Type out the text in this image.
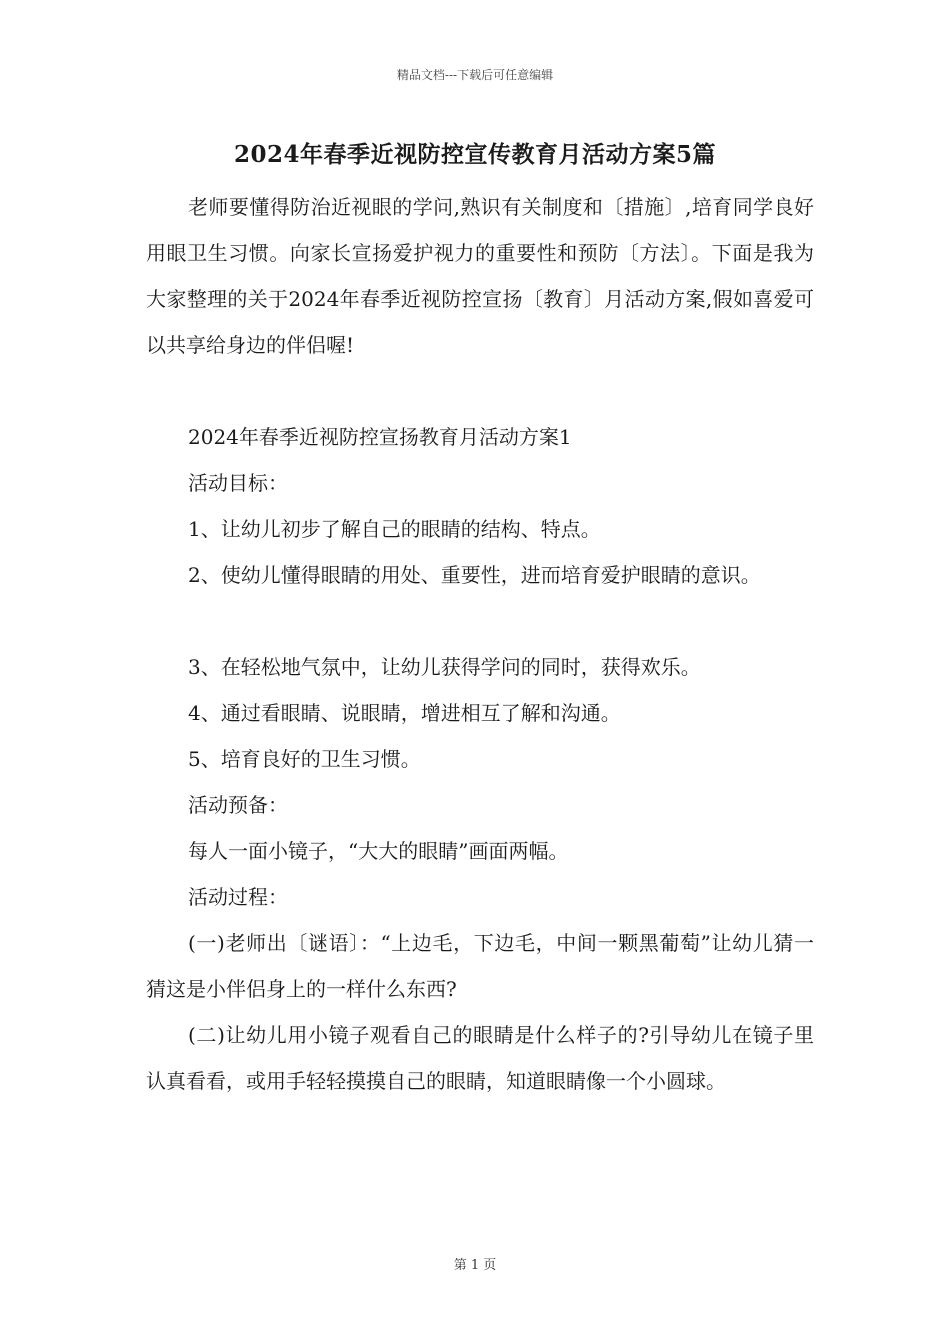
精品文档---下载后可任意编辑
2024年春季近视防控宣传教育月活动方案5篇

老师要懂得防治近视眼的学问,熟识有关制度和〔措施〕,培育同学良好用眼卫生习惯。向家长宣扬爱护视力的重要性和预防〔方法〕。下面是我为大家整理的关于2024年春季近视防控宣扬〔教育〕月活动方案,假如喜爱可以共享给身边的伴侣喔!

2024年春季近视防控宣扬教育月活动方案1

活动目标：

1、让幼儿初步了解自己的眼睛的结构、特点。

2、使幼儿懂得眼睛的用处、重要性，进而培育爱护眼睛的意识。

3、在轻松地气氛中，让幼儿获得学问的同时，获得欢乐。

4、通过看眼睛、说眼睛，增进相互了解和沟通。

5、培育良好的卫生习惯。

活动预备：

每人一面小镜子，“大大的眼睛”画面两幅。

活动过程：

(一)老师出〔谜语〕：“上边毛，下边毛，中间一颗黑葡萄”让幼儿猜一猜这是小伴侣身上的一样什么东西?

(二)让幼儿用小镜子观看自己的眼睛是什么样子的?引导幼儿在镜子里认真看看，或用手轻轻摸摸自己的眼睛，知道眼睛像一个小圆球。

第 1 页
